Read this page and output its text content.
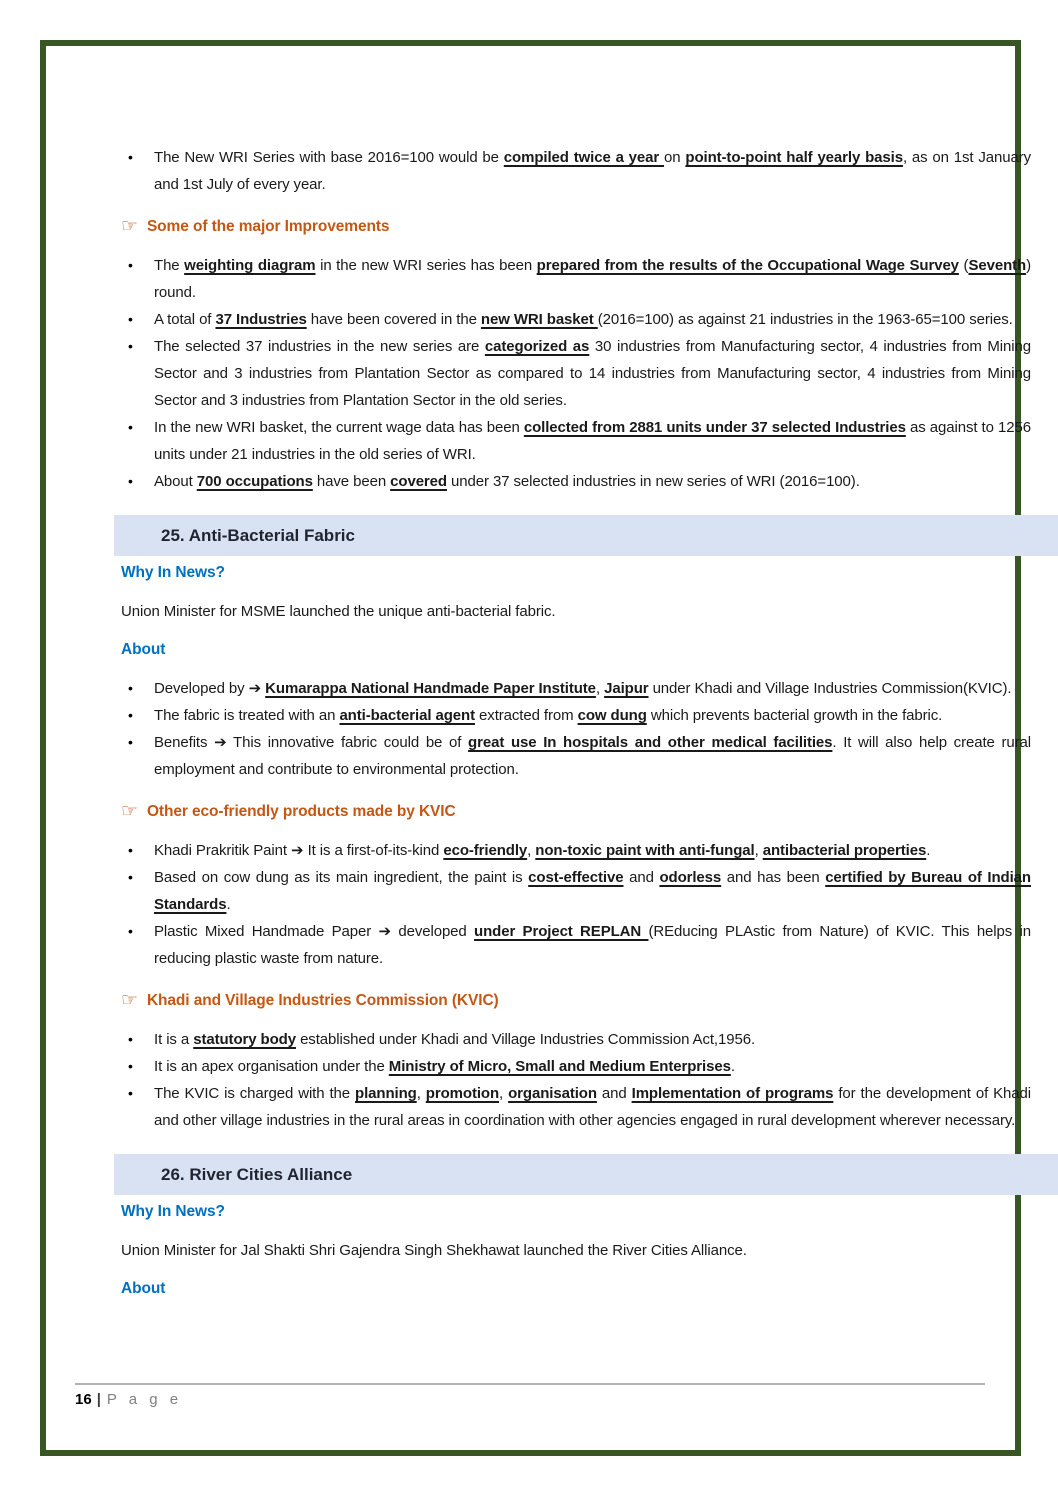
• The New WRI Series with base 2016=100 would be compiled twice a year on point-to-point half yearly basis, as on 1st January and 1st July of every year.
☞ Some of the major Improvements
• The weighting diagram in the new WRI series has been prepared from the results of the Occupational Wage Survey (Seventh) round.
• A total of 37 Industries have been covered in the new WRI basket (2016=100) as against 21 industries in the 1963-65=100 series.
• The selected 37 industries in the new series are categorized as 30 industries from Manufacturing sector, 4 industries from Mining Sector and 3 industries from Plantation Sector as compared to 14 industries from Manufacturing sector, 4 industries from Mining Sector and 3 industries from Plantation Sector in the old series.
• In the new WRI basket, the current wage data has been collected from 2881 units under 37 selected Industries as against to 1256 units under 21 industries in the old series of WRI.
• About 700 occupations have been covered under 37 selected industries in new series of WRI (2016=100).
25. Anti-Bacterial Fabric
Why In News?
Union Minister for MSME launched the unique anti-bacterial fabric.
About
• Developed by ➔ Kumarappa National Handmade Paper Institute, Jaipur under Khadi and Village Industries Commission(KVIC).
• The fabric is treated with an anti-bacterial agent extracted from cow dung which prevents bacterial growth in the fabric.
• Benefits ➔ This innovative fabric could be of great use In hospitals and other medical facilities. It will also help create rural employment and contribute to environmental protection.
☞ Other eco-friendly products made by KVIC
• Khadi Prakritik Paint ➔ It is a first-of-its-kind eco-friendly, non-toxic paint with anti-fungal, antibacterial properties.
• Based on cow dung as its main ingredient, the paint is cost-effective and odorless and has been certified by Bureau of Indian Standards.
• Plastic Mixed Handmade Paper ➔ developed under Project REPLAN (REducing PLAstic from Nature) of KVIC. This helps in reducing plastic waste from nature.
☞ Khadi and Village Industries Commission (KVIC)
• It is a statutory body established under Khadi and Village Industries Commission Act,1956.
• It is an apex organisation under the Ministry of Micro, Small and Medium Enterprises.
• The KVIC is charged with the planning, promotion, organisation and Implementation of programs for the development of Khadi and other village industries in the rural areas in coordination with other agencies engaged in rural development wherever necessary.
26. River Cities Alliance
Why In News?
Union Minister for Jal Shakti Shri Gajendra Singh Shekhawat launched the River Cities Alliance.
About
16 | P a g e
